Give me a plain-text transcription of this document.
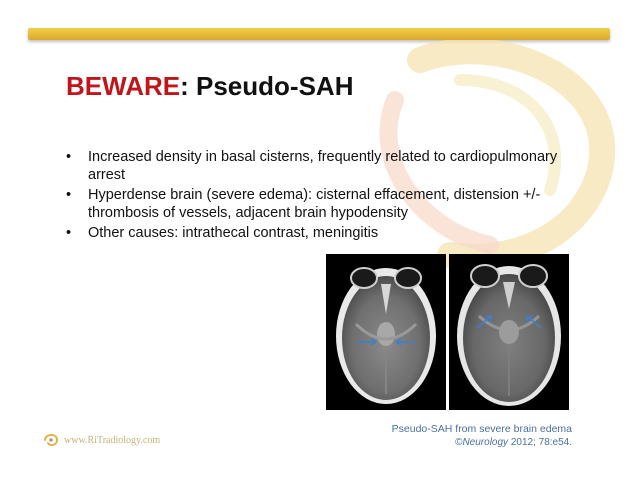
BEWARE: Pseudo-SAH
• Increased density in basal cisterns, frequently related to cardiopulmonary arrest
• Hyperdense brain (severe edema): cisternal effacement, distension +/- thrombosis of vessels, adjacent brain hypodensity
• Other causes: intrathecal contrast, meningitis
Pseudo-SAH from severe brain edema
©Neurology 2012; 78:e54.
www.RiTradiology.com
